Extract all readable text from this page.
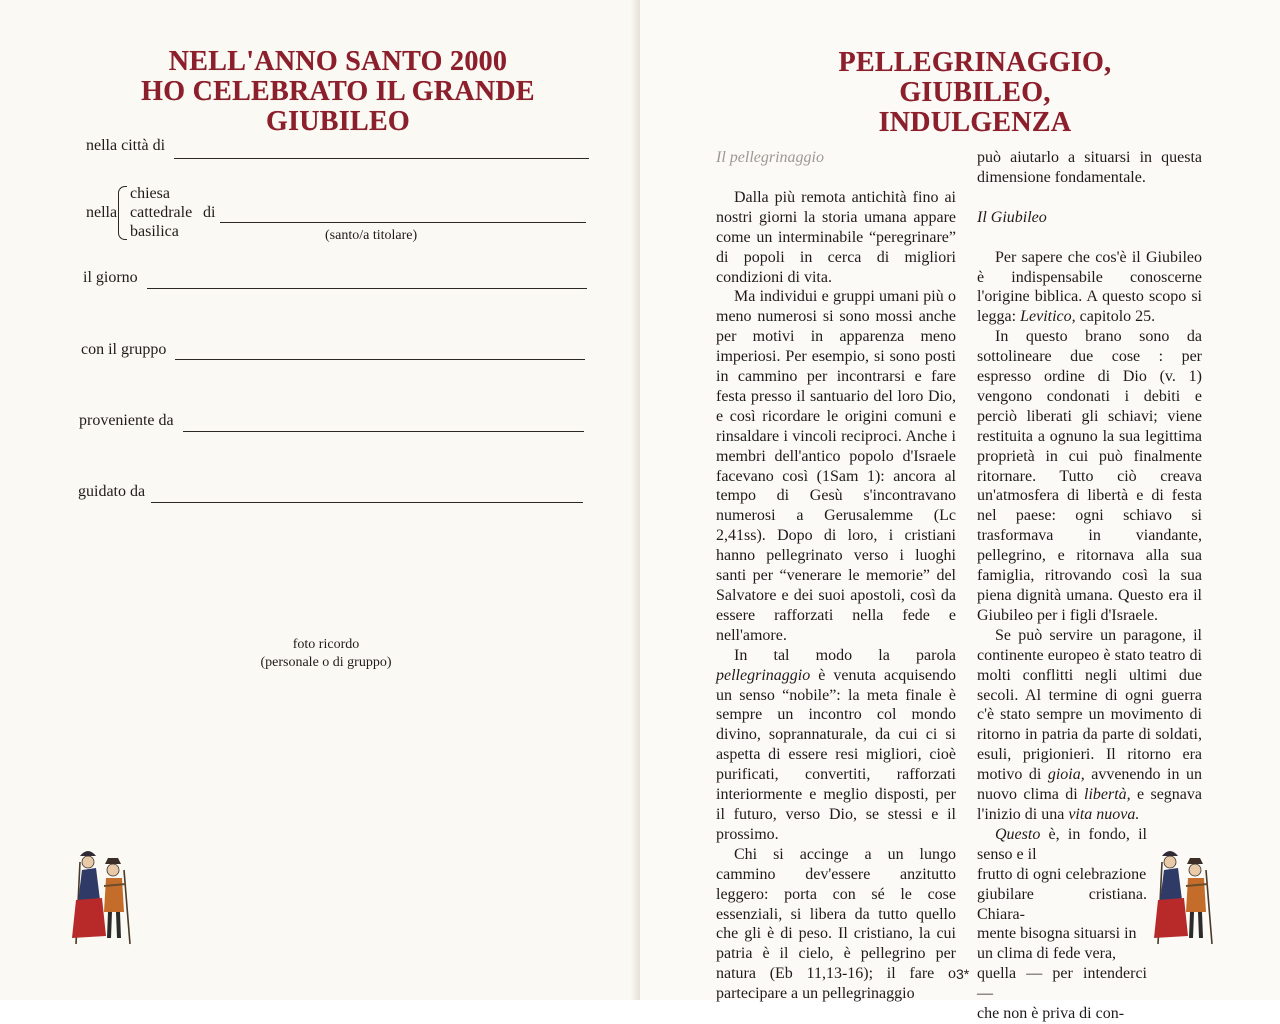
NELL'ANNO SANTO 2000
HO CELEBRATO IL GRANDE GIUBILEO
nella città di
nella
chiesa
cattedrale
basilica
di
(santo/a titolare)
il giorno
con il gruppo
proveniente da
guidato da
foto ricordo
(personale o di gruppo)
PELLEGRINAGGIO, GIUBILEO,
INDULGENZA
Il pellegrinaggio

Dalla più remota antichità fino ai nostri giorni la storia umana appare come un interminabile “peregrinare” di popoli in cerca di migliori condizioni di vita.

Ma individui e gruppi umani più o meno numerosi si sono mossi anche per motivi in apparenza meno imperiosi. Per esempio, si sono posti in cammino per incontrarsi e fare festa presso il santuario del loro Dio, e così ricordare le origini comuni e rinsaldare i vincoli reciproci. Anche i membri dell'antico popolo d'Israele facevano così (1Sam 1): ancora al tempo di Gesù s'incontravano numerosi a Gerusalemme (Lc 2,41ss). Dopo di loro, i cristiani hanno pellegrinato verso i luoghi santi per “venerare le memorie” del Salvatore e dei suoi apostoli, così da essere rafforzati nella fede e nell'amore.

In tal modo la parola pellegrinaggio è venuta acquisendo un senso “nobile”: la meta finale è sempre un incontro col mondo divino, soprannaturale, da cui ci si aspetta di essere resi migliori, cioè purificati, convertiti, rafforzati interiormente e meglio disposti, per il futuro, verso Dio, se stessi e il prossimo.

Chi si accinge a un lungo cammino dev'essere anzitutto leggero: porta con sé le cose essenziali, si libera da tutto quello che gli è di peso. Il cristiano, la cui patria è il cielo, è pellegrino per natura (Eb 11,13-16); il fare o partecipare a un pellegrinaggio

può aiutarlo a situarsi in questa dimensione fondamentale.

Il Giubileo

Per sapere che cos'è il Giubileo è indispensabile conoscerne l'origine biblica. A questo scopo si legga: Levitico, capitolo 25.

In questo brano sono da sottolineare due cose : per espresso ordine di Dio (v. 1) vengono condonati i debiti e perciò liberati gli schiavi; viene restituita a ognuno la sua legittima proprietà in cui può finalmente ritornare. Tutto ciò creava un'atmosfera di libertà e di festa nel paese: ogni schiavo si trasformava in viandante, pellegrino, e ritornava alla sua famiglia, ritrovando così la sua piena dignità umana. Questo era il Giubileo per i figli d'Israele.

Se può servire un paragone, il continente europeo è stato teatro di molti conflitti negli ultimi due secoli. Al termine di ogni guerra c'è stato sempre un movimento di ritorno in patria da parte di soldati, esuli, prigionieri. Il ritorno era motivo di gioia, avvenendo in un nuovo clima di libertà, e segnava l'inizio di una vita nuova.

Questo è, in fondo, il senso e il

frutto di ogni celebrazione
giubilare cristiana. Chiara-
mente bisogna situarsi in
un clima di fede vera,
quella — per intenderci —
che non è priva di con-
3*
